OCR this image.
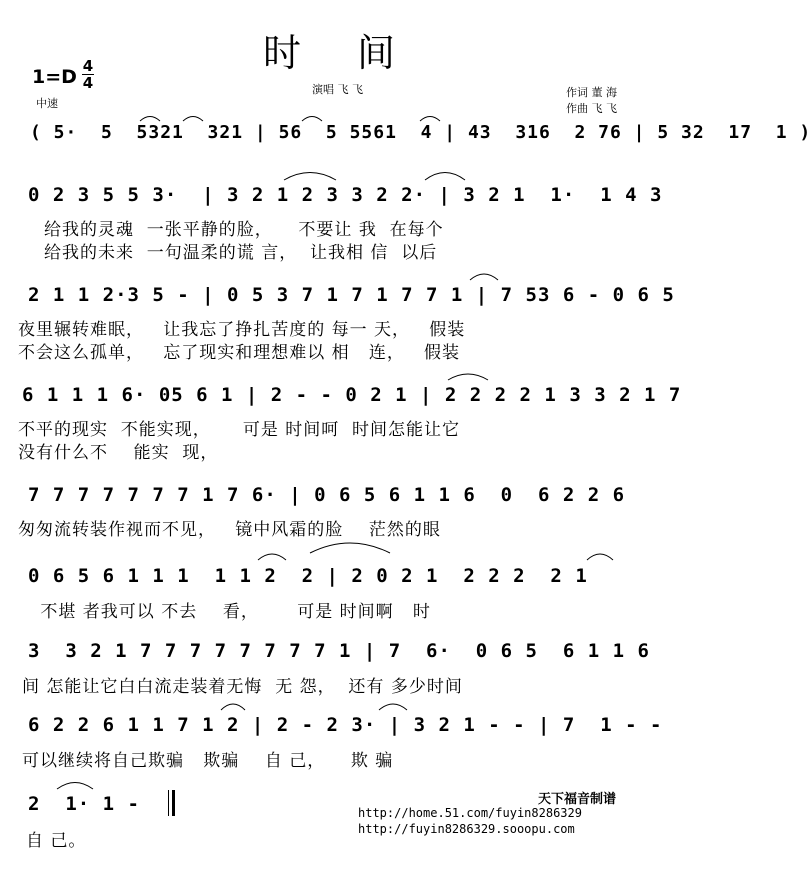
时 间
1=D 4
4
中速
演唱 飞 飞	作词 董 海
作曲 飞 飞
( 5·  5  5321  321 | 56  5 5561  4 | 43  316  2 76 | 5 32  17  1 )
0 2 3 5 5 3·  | 3 2 1 2 3 3 2 2· | 3 2 1  1·  1 4 3
给我的灵魂  一张平静的脸，    不要让 我  在每个
给我的未来  一句温柔的谎 言，  让我相 信  以后
2 1 1 2·3 5 - | 0 5 3 7 1 7 1 7 7 1 | 7 53 6 - 0 6 5
夜里辗转难眠，   让我忘了挣扎苦度的 每一 天，   假装
不会这么孤单，   忘了现实和理想难以 相   连，   假装
6 1 1 1 6· 05 6 1 | 2 - - 0 2 1 | 2 2 2 2 1 3 3 2 1 7
不平的现实  不能实现，     可是 时间呵  时间怎能让它
没有什么不    能实  现，
7 7 7 7 7 7 7 1 7 6· | 0 6 5 6 1 1 6  0  6 2 2 6
匆匆流转装作视而不见，   镜中风霜的脸    茫然的眼
0 6 5 6 1 1 1  1 1 2  2 | 2 0 2 1  2 2 2  2 1
不堪 者我可以 不去    看，      可是 时间啊   时
3  3 2 1 7 7 7 7 7 7 7 7 1 | 7  6·  0 6 5  6 1 1 6
间 怎能让它白白流走装着无悔  无 怨，  还有 多少时间
6 2 2 6 1 1 7 1 2 | 2 - 2 3· | 3 2 1 - - | 7  1 - -
可以继续将自己欺骗   欺骗    自 己，    欺 骗
2  1· 1 -
自 己。
天下福音制谱
http://home.51.com/fuyin8286329
http://fuyin8286329.sooopu.com
